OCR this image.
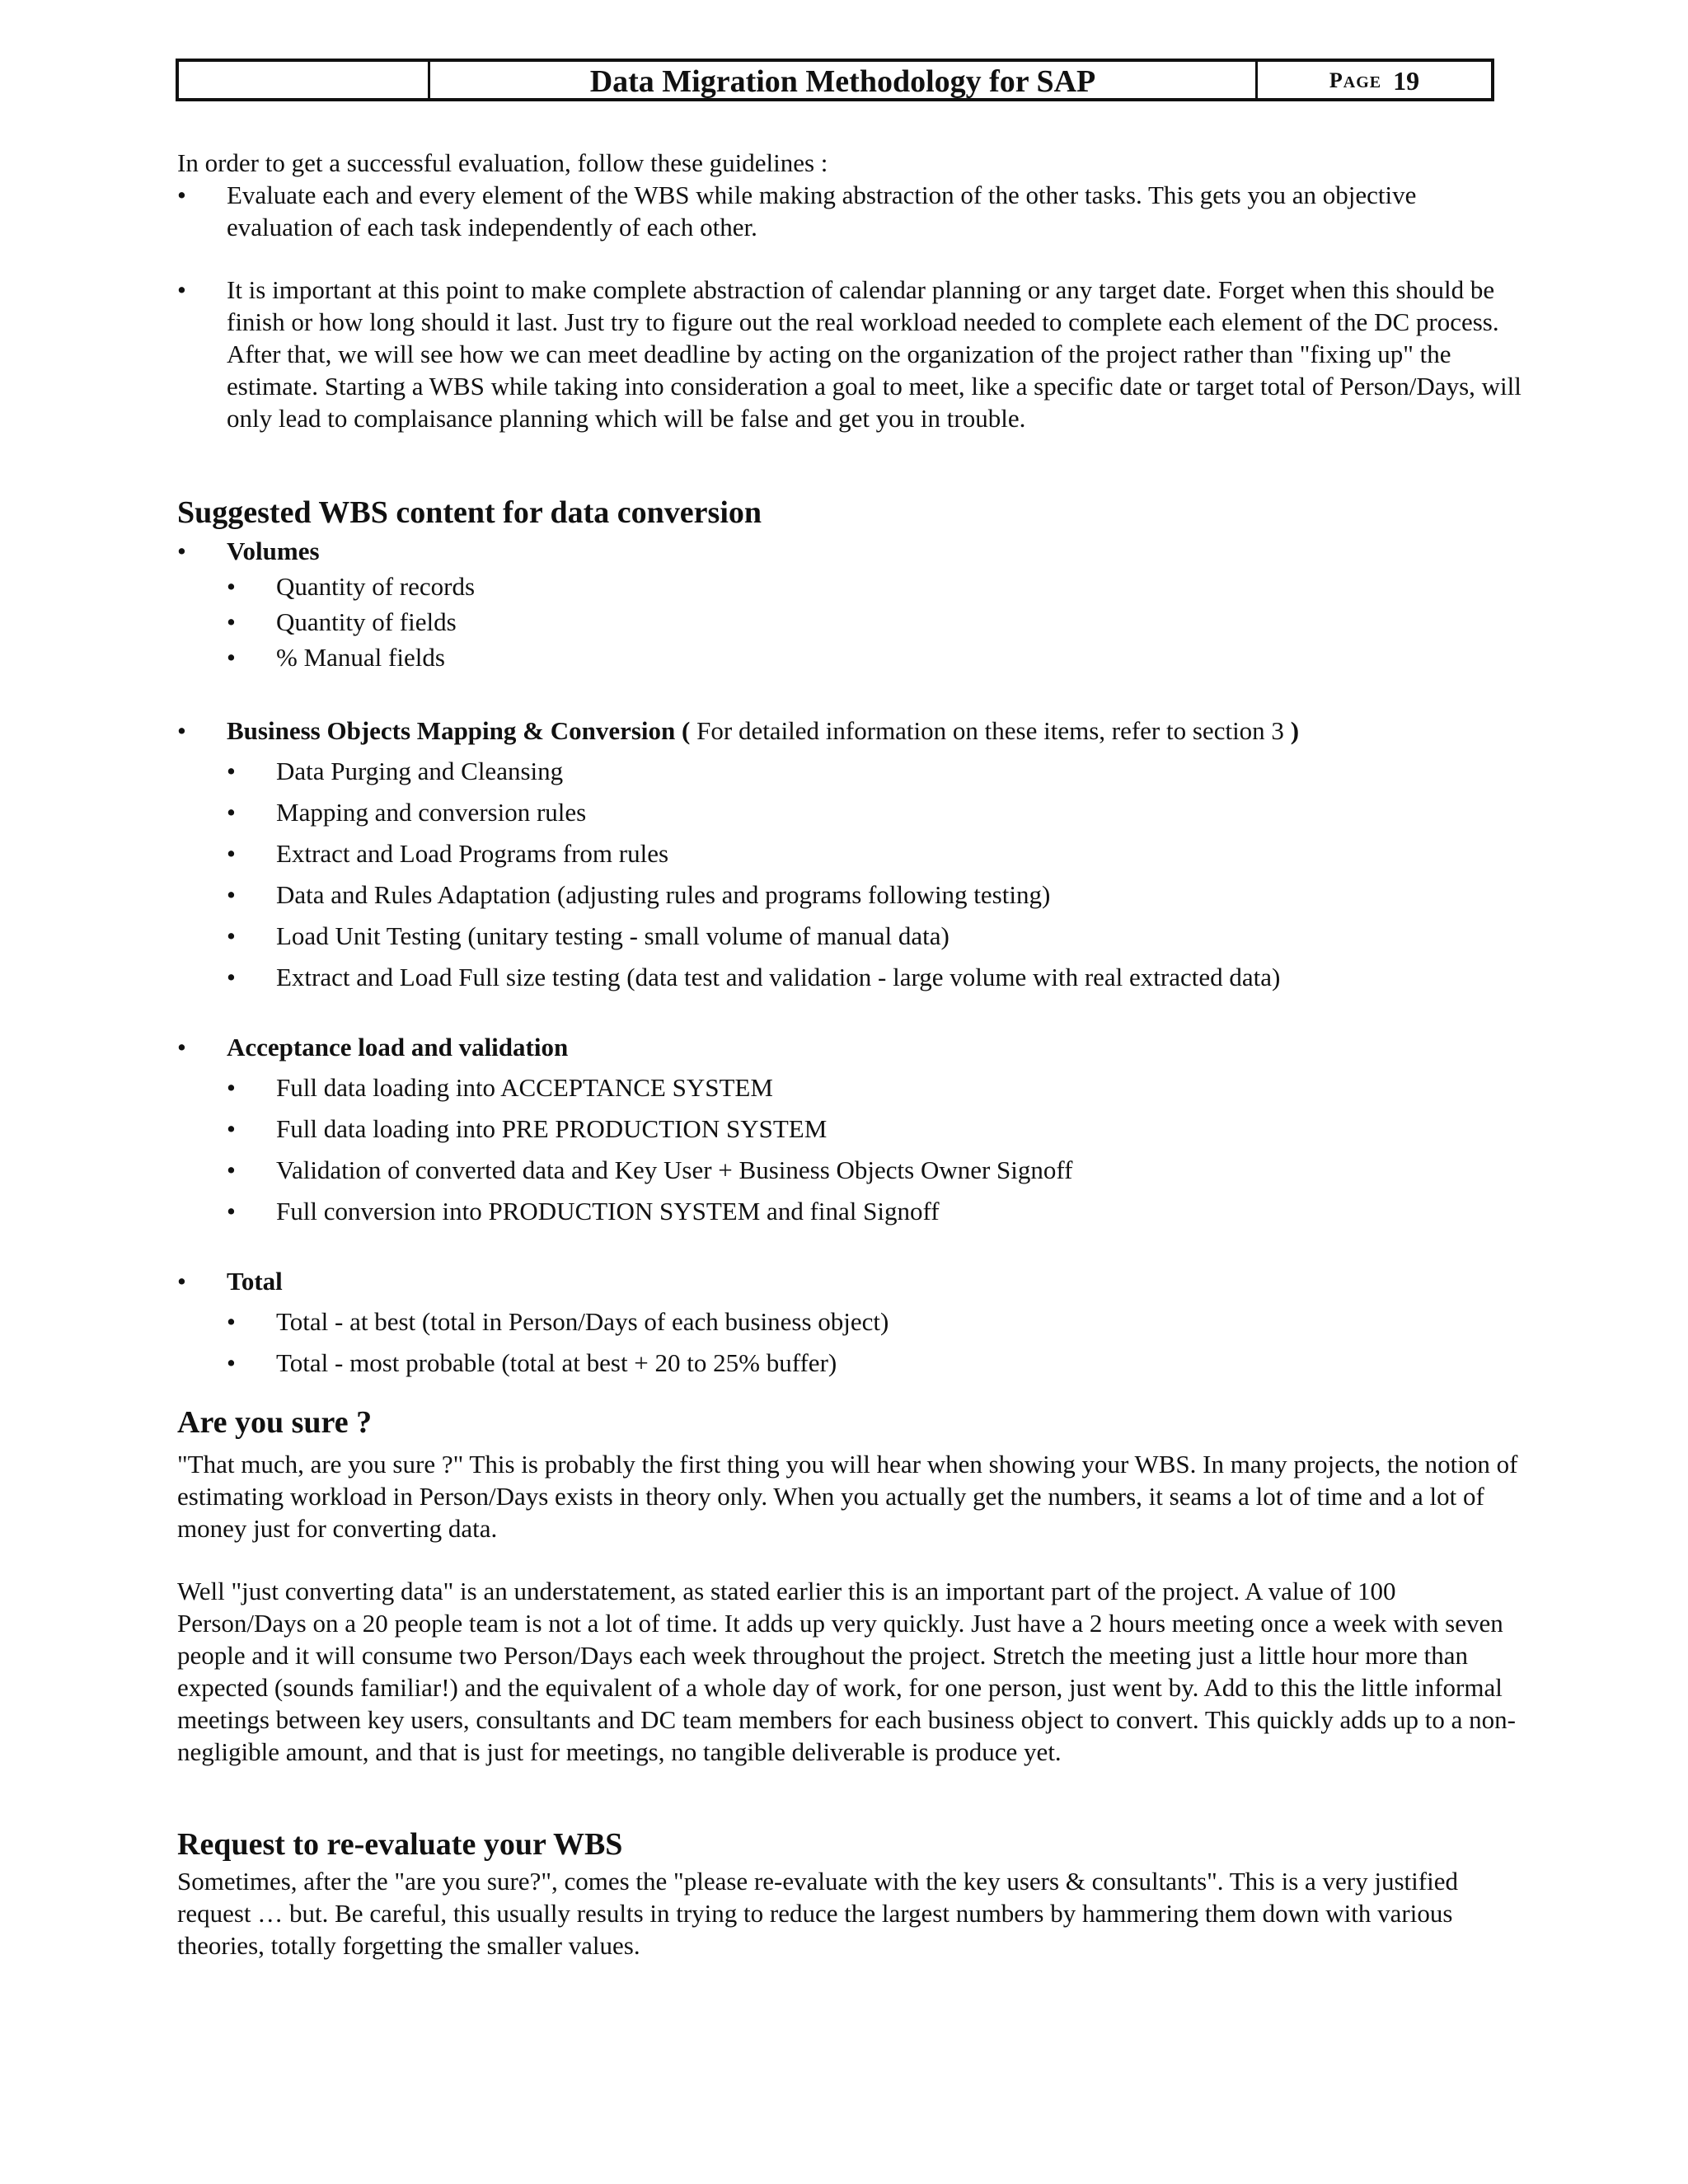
Data Migration Methodology for SAP	PAGE 19

In order to get a successful evaluation, follow these guidelines :

•	Evaluate each and every element of the WBS while making abstraction of the other tasks. This gets you an objective evaluation of each task independently of each other.
•	It is important at this point to make complete abstraction of calendar planning or any target date. Forget when this should be finish or how long should it last. Just try to figure out the real workload needed to complete each element of the DC process. After that, we will see how we can meet deadline by acting on the organization of the project rather than "fixing up" the estimate. Starting a WBS while taking into consideration a goal to meet, like a specific date or target total of Person/Days, will only lead to complaisance planning which will be false and get you in trouble.
Suggested WBS content for data conversion
•	Volumes
•	Quantity of records
•	Quantity of fields
•	% Manual fields
•	Business Objects Mapping & Conversion ( For detailed information on these items, refer to section 3 )
•	Data Purging and Cleansing
•	Mapping and conversion rules
•	Extract and Load Programs from rules
•	Data and Rules Adaptation (adjusting rules and programs following testing)
•	Load Unit Testing (unitary testing - small volume of manual data)
•	Extract and Load Full size testing (data test and validation - large volume with real extracted data)
•	Acceptance load and validation
•	Full data loading into ACCEPTANCE SYSTEM
•	Full data loading into PRE PRODUCTION SYSTEM
•	Validation of converted data and Key User + Business Objects Owner Signoff
•	Full conversion into PRODUCTION SYSTEM and final Signoff
•	Total
•	Total - at best (total in Person/Days of each business object)
•	Total - most probable (total at best + 20 to 25% buffer)
Are you sure ?

"That much, are you sure ?" This is probably the first thing you will hear when showing your WBS. In many projects, the notion of estimating workload in Person/Days exists in theory only. When you actually get the numbers, it seams a lot of time and a lot of money just for converting data.

Well "just converting data" is an understatement, as stated earlier this is an important part of the project. A value of 100 Person/Days on a 20 people team is not a lot of time. It adds up very quickly. Just have a 2 hours meeting once a week with seven people and it will consume two Person/Days each week throughout the project. Stretch the meeting just a little hour more than expected (sounds familiar!) and the equivalent of a whole day of work, for one person, just went by. Add to this the little informal meetings between key users, consultants and DC team members for each business object to convert. This quickly adds up to a non-negligible amount, and that is just for meetings, no tangible deliverable is produce yet.

Request to re-evaluate your WBS

Sometimes, after the "are you sure?", comes the "please re-evaluate with the key users & consultants". This is a very justified request … but. Be careful, this usually results in trying to reduce the largest numbers by hammering them down with various theories, totally forgetting the smaller values.
